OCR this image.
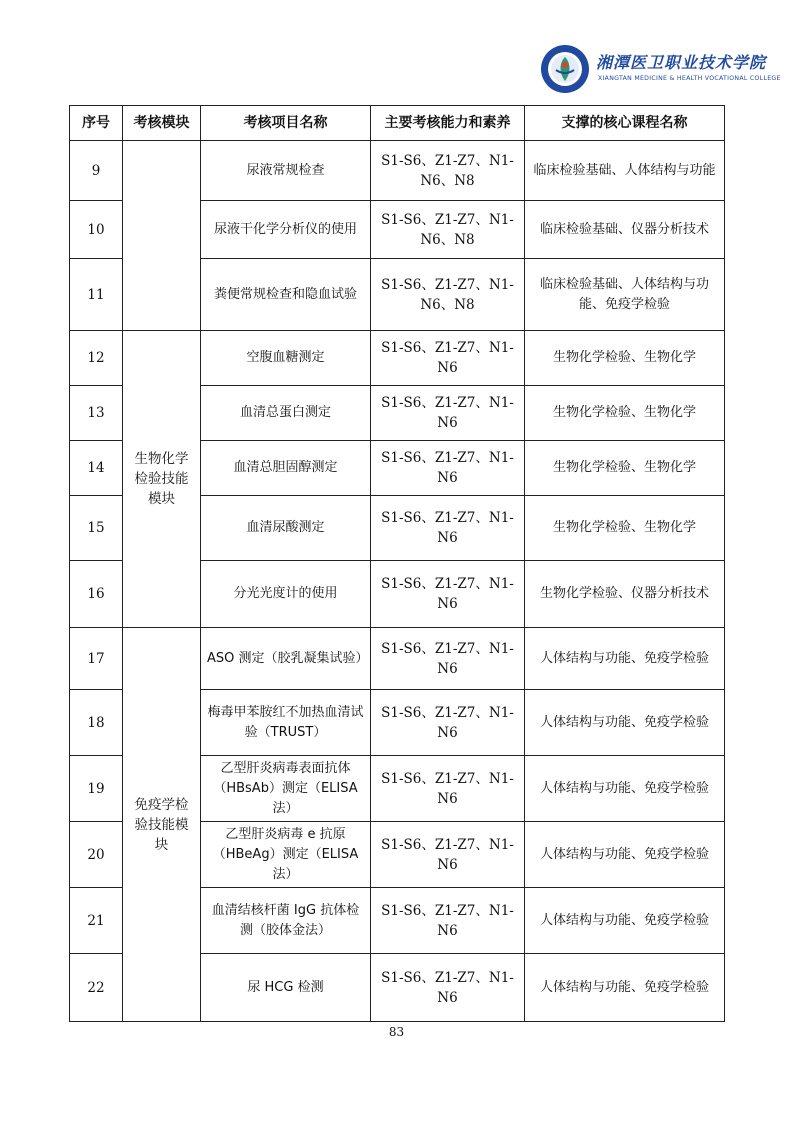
湘潭医卫职业技术学院
XIANGTAN MEDICINE & HEALTH VOCATIONAL COLLEGE
序号	考核模块	考核项目名称	主要考核能力和素养	支撑的核心课程名称
9		尿液常规检查	S1-S6、Z1-Z7、N1-N6、N8	临床检验基础、人体结构与功能
10		尿液干化学分析仪的使用	S1-S6、Z1-Z7、N1-N6、N8	临床检验基础、仪器分析技术
11		粪便常规检查和隐血试验	S1-S6、Z1-Z7、N1-N6、N8	临床检验基础、人体结构与功能、免疫学检验
12	生物化学检验技能模块	空腹血糖测定	S1-S6、Z1-Z7、N1-N6	生物化学检验、生物化学
13		血清总蛋白测定	S1-S6、Z1-Z7、N1-N6	生物化学检验、生物化学
14		血清总胆固醇测定	S1-S6、Z1-Z7、N1-N6	生物化学检验、生物化学
15		血清尿酸测定	S1-S6、Z1-Z7、N1-N6	生物化学检验、生物化学
16		分光光度计的使用	S1-S6、Z1-Z7、N1-N6	生物化学检验、仪器分析技术
17	免疫学检验技能模块	ASO 测定（胶乳凝集试验）	S1-S6、Z1-Z7、N1-N6	人体结构与功能、免疫学检验
18		梅毒甲苯胺红不加热血清试验（TRUST）	S1-S6、Z1-Z7、N1-N6	人体结构与功能、免疫学检验
19		乙型肝炎病毒表面抗体（HBsAb）测定（ELISA法）	S1-S6、Z1-Z7、N1-N6	人体结构与功能、免疫学检验
20		乙型肝炎病毒 e 抗原（HBeAg）测定（ELISA法）	S1-S6、Z1-Z7、N1-N6	人体结构与功能、免疫学检验
21		血清结核杆菌 IgG 抗体检测（胶体金法）	S1-S6、Z1-Z7、N1-N6	人体结构与功能、免疫学检验
22		尿 HCG 检测	S1-S6、Z1-Z7、N1-N6	人体结构与功能、免疫学检验
83
